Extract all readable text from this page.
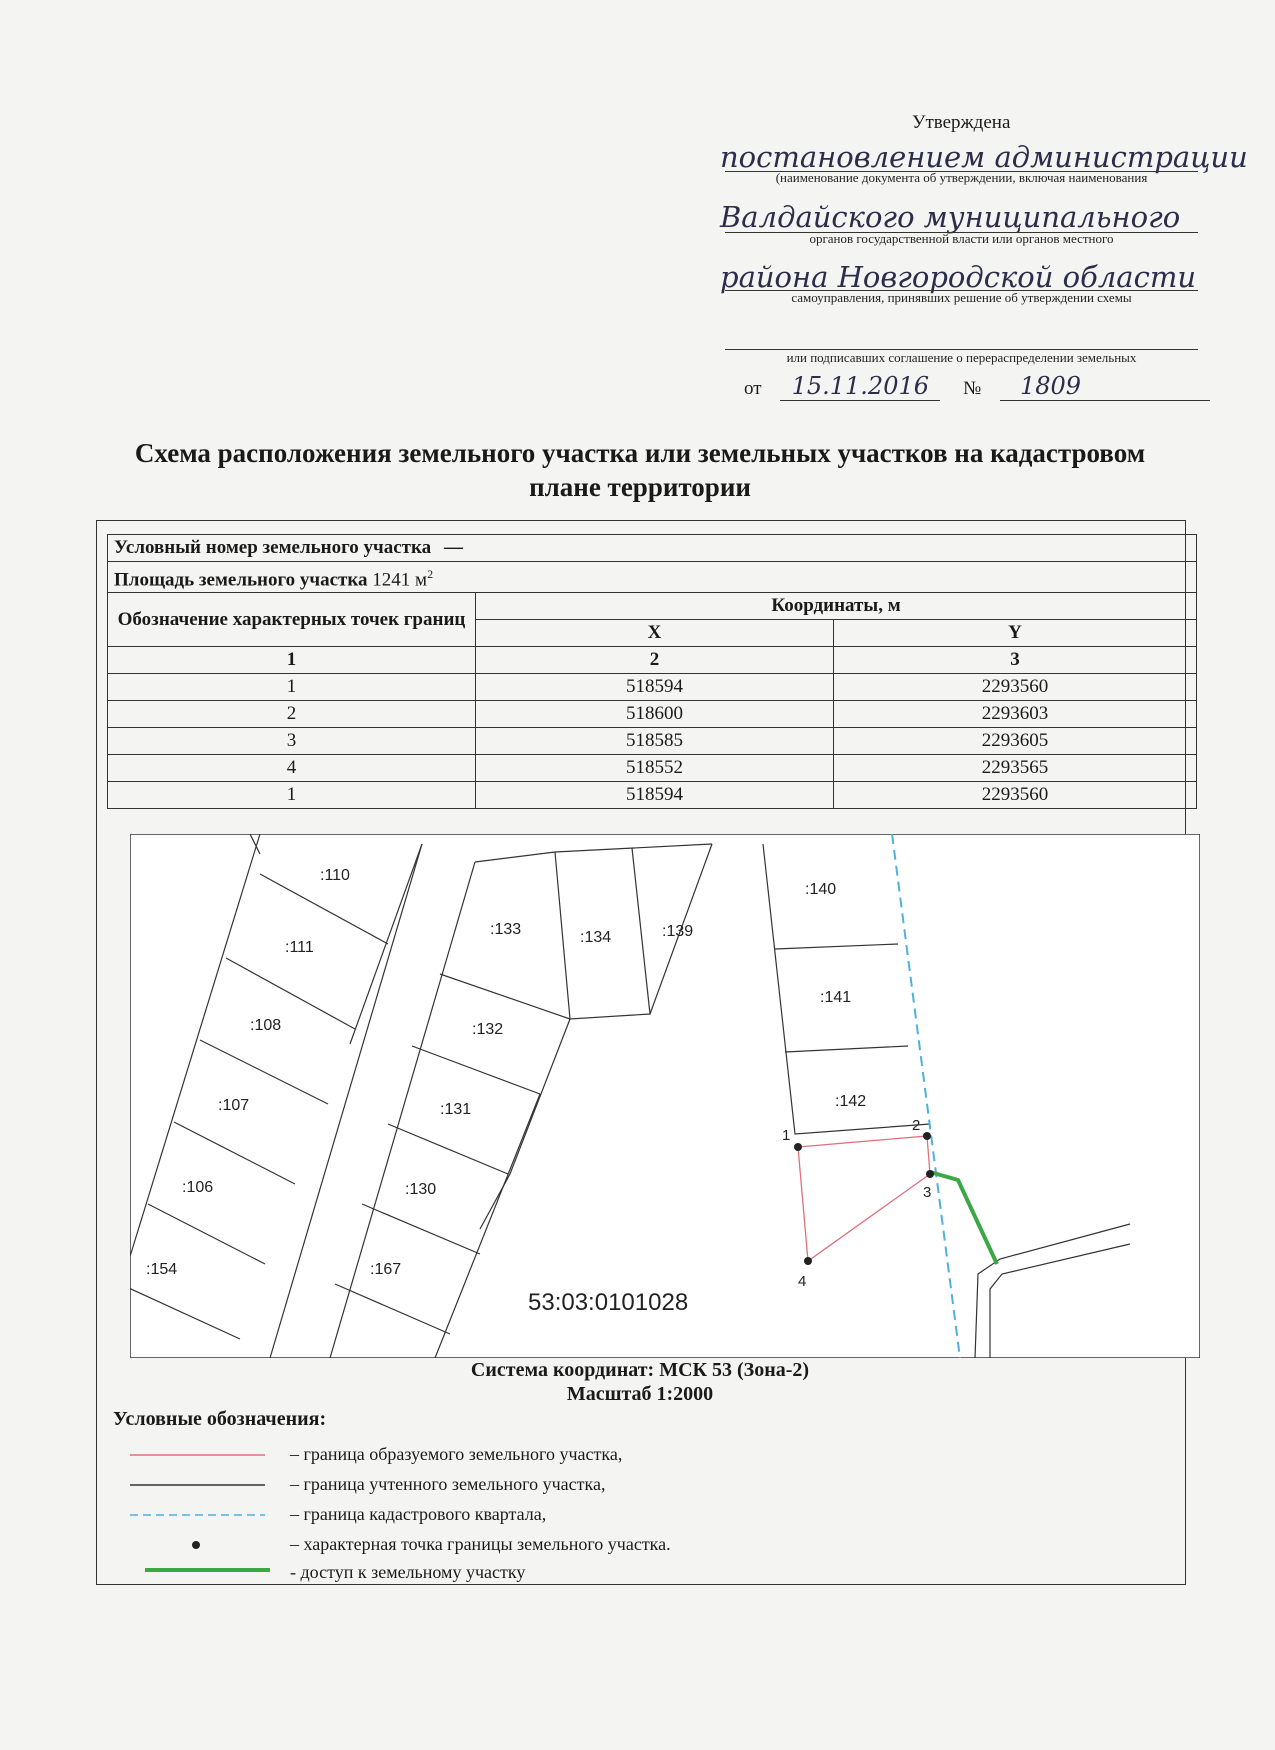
Утверждена
постановлением администрации
(наименование документа об утверждении, включая наименования
Валдайского муниципального
органов государственной власти или органов местного
района Новгородской области
самоуправления, принявших решение об утверждении схемы
или подписавших соглашение о перераспределении земельных
от 15.11.2016 № 1809
Схема расположения земельного участка или земельных участков на кадастровом плане территории
Условный номер земельного участка —		
Площадь земельного участка 1241 $м^2$
Обозначение характерных точек границ	Координаты, м	
	X	Y
1	2	3
1	518594	2293560
2	518600	2293603
3	518585	2293605
4	518552	2293565
1	518594	2293560
:110
:111
:108
:107
:106
:154
:133	:134	:139
:132
:131
:130
:167
:140
:141
:142
53:03:0101028
1
2
3
4
Система координат: МСК 53 (Зона-2)
Масштаб 1:2000
Условные обозначения:
– граница образуемого земельного участка,
– граница учтенного земельного участка,
– граница кадастрового квартала,
– характерная точка границы земельного участка.
- доступ к земельному участку
